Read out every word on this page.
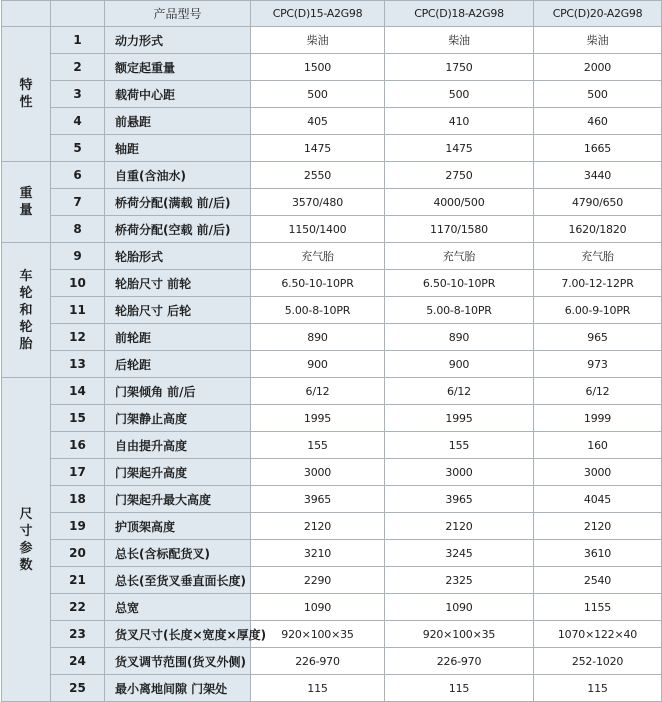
		产品型号	CPC(D)15-A2G98	CPC(D)18-A2G98	CPC(D)20-A2G98
特性	1	动力形式	柴油	柴油	柴油
	2	额定起重量	1500	1750	2000
	3	载荷中心距	500	500	500
	4	前悬距	405	410	460
	5	轴距	1475	1475	1665
重量	6	自重(含油水)	2550	2750	3440
	7	桥荷分配(满载 前/后)	3570/480	4000/500	4790/650
	8	桥荷分配(空载 前/后)	1150/1400	1170/1580	1620/1820
车轮和轮胎	9	轮胎形式	充气胎	充气胎	充气胎
	10	轮胎尺寸 前轮	6.50-10-10PR	6.50-10-10PR	7.00-12-12PR
	11	轮胎尺寸 后轮	5.00-8-10PR	5.00-8-10PR	6.00-9-10PR
	12	前轮距	890	890	965
	13	后轮距	900	900	973
尺寸参数	14	门架倾角 前/后	6/12	6/12	6/12
	15	门架静止高度	1995	1995	1999
	16	自由提升高度	155	155	160
	17	门架起升高度	3000	3000	3000
	18	门架起升最大高度	3965	3965	4045
	19	护顶架高度	2120	2120	2120
	20	总长(含标配货叉)	3210	3245	3610
	21	总长(至货叉垂直面长度)	2290	2325	2540
	22	总宽	1090	1090	1155
	23	货叉尺寸(长度×宽度×厚度)	920×100×35	920×100×35	1070×122×40
	24	货叉调节范围(货叉外侧)	226-970	226-970	252-1020
	25	最小离地间隙 门架处	115	115	115
